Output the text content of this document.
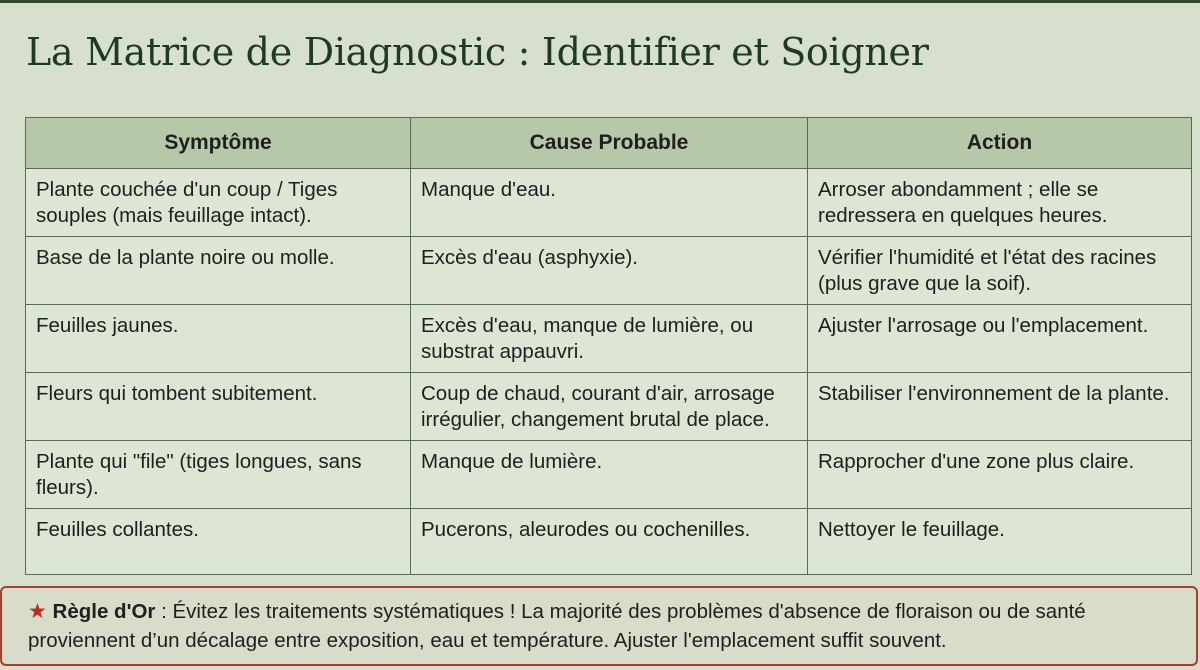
La Matrice de Diagnostic : Identifier et Soigner
Symptôme	Cause Probable	Action
Plante couchée d'un coup / Tiges souples (mais feuillage intact).	Manque d'eau.	Arroser abondamment ; elle se redressera en quelques heures.
Base de la plante noire ou molle.	Excès d'eau (asphyxie).	Vérifier l'humidité et l'état des racines (plus grave que la soif).
Feuilles jaunes.	Excès d'eau, manque de lumière, ou substrat appauvri.	Ajuster l'arrosage ou l'emplacement.
Fleurs qui tombent subitement.	Coup de chaud, courant d'air, arrosage irrégulier, changement brutal de place.	Stabiliser l'environnement de la plante.
Plante qui "file" (tiges longues, sans fleurs).	Manque de lumière.	Rapprocher d'une zone plus claire.
Feuilles collantes.	Pucerons, aleurodes ou cochenilles.	Nettoyer le feuillage.
★ Règle d'Or : Évitez les traitements systématiques ! La majorité des problèmes d'absence de floraison ou de santé proviennent d’un décalage entre exposition, eau et température. Ajuster l'emplacement suffit souvent.
